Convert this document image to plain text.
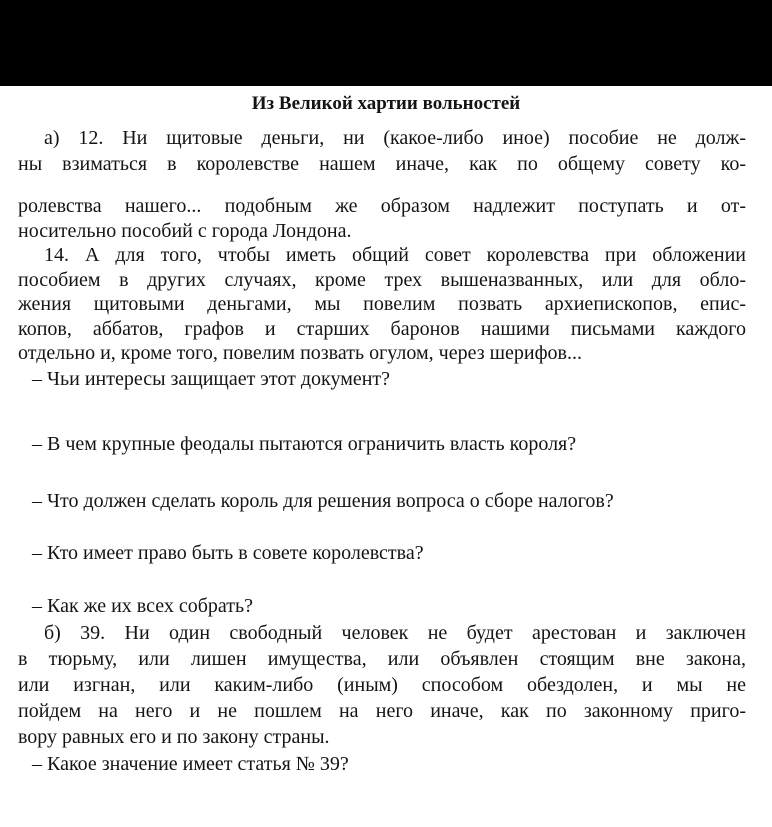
Из Великой хартии вольностей
а) 12. Ни щитовые деньги, ни (какое-либо иное) пособие не долж-
ны взиматься в королевстве нашем иначе, как по общему совету ко-
ролевства нашего... подобным же образом надлежит поступать и от-
носительно пособий с города Лондона.
14. А для того, чтобы иметь общий совет королевства при обложении
пособием в других случаях, кроме трех вышеназванных, или для обло-
жения щитовыми деньгами, мы повелим позвать архиепископов, епис-
копов, аббатов, графов и старших баронов нашими письмами каждого
отдельно и, кроме того, повелим позвать огулом, через шерифов...
– Чьи интересы защищает этот документ?
– В чем крупные феодалы пытаются ограничить власть короля?
– Что должен сделать король для решения вопроса о сборе налогов?
– Кто имеет право быть в совете королевства?
– Как же их всех собрать?
б) 39. Ни один свободный человек не будет арестован и заключен
в тюрьму, или лишен имущества, или объявлен стоящим вне закона,
или изгнан, или каким-либо (иным) способом обездолен, и мы не
пойдем на него и не пошлем на него иначе, как по законному приго-
вору равных его и по закону страны.
– Какое значение имеет статья № 39?
